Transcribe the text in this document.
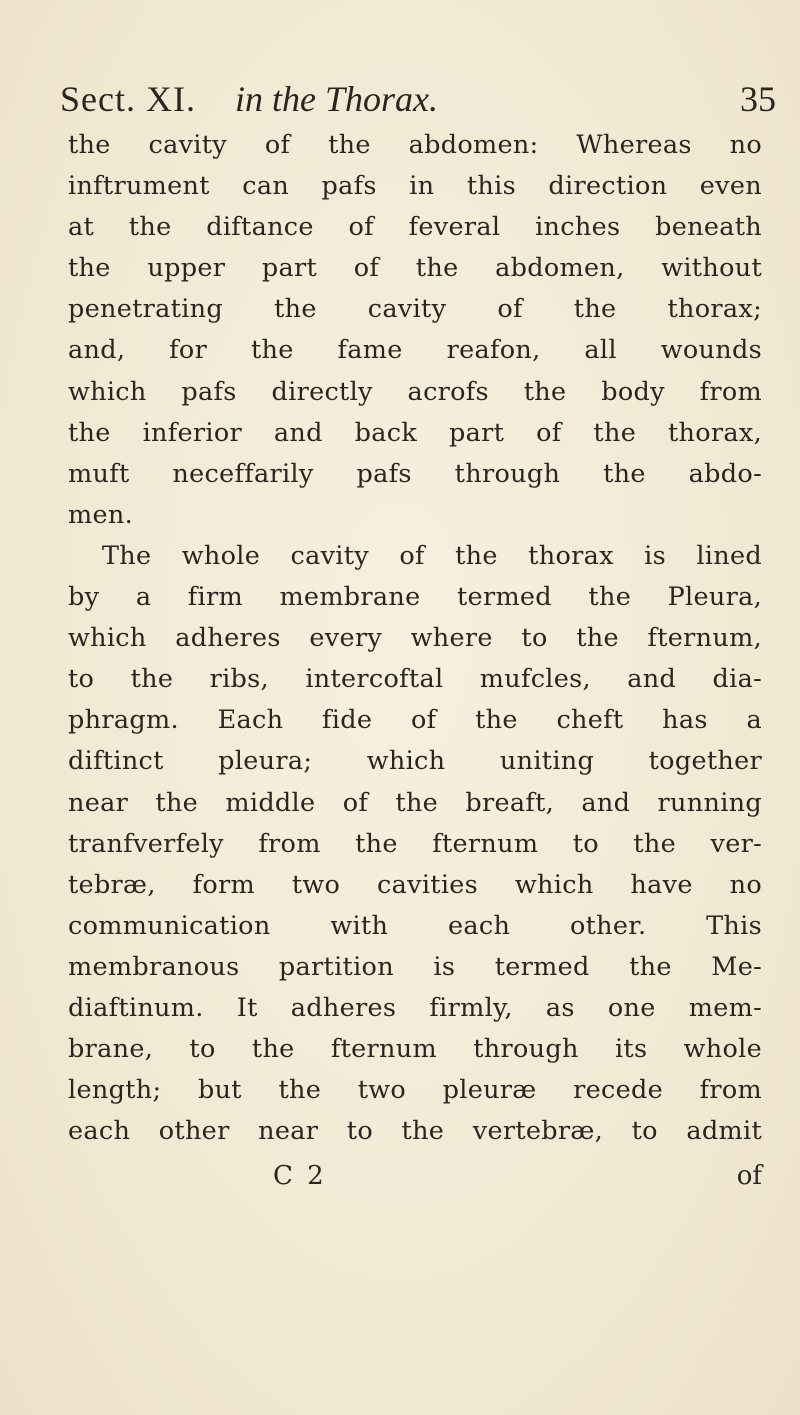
Sect. XI. in the Thorax.	35
the cavity of the abdomen: Whereas no
inftrument can pafs in this direction even
at the diftance of feveral inches beneath
the upper part of the abdomen, without
penetrating the cavity of the thorax;
and, for the fame reafon, all wounds
which pafs directly acrofs the body from
the inferior and back part of the thorax,
muft neceffarily pafs through the abdo-
men.
The whole cavity of the thorax is lined
by a firm membrane termed the Pleura,
which adheres every where to the fternum,
to the ribs, intercoftal mufcles, and dia-
phragm. Each fide of the cheft has a
diftinct pleura; which uniting together
near the middle of the breaft, and running
tranfverfely from the fternum to the ver-
tebræ, form two cavities which have no
communication with each other. This
membranous partition is termed the Me-
diaftinum. It adheres firmly, as one mem-
brane, to the fternum through its whole
length; but the two pleuræ recede from
each other near to the vertebræ, to admit
C 2	of
